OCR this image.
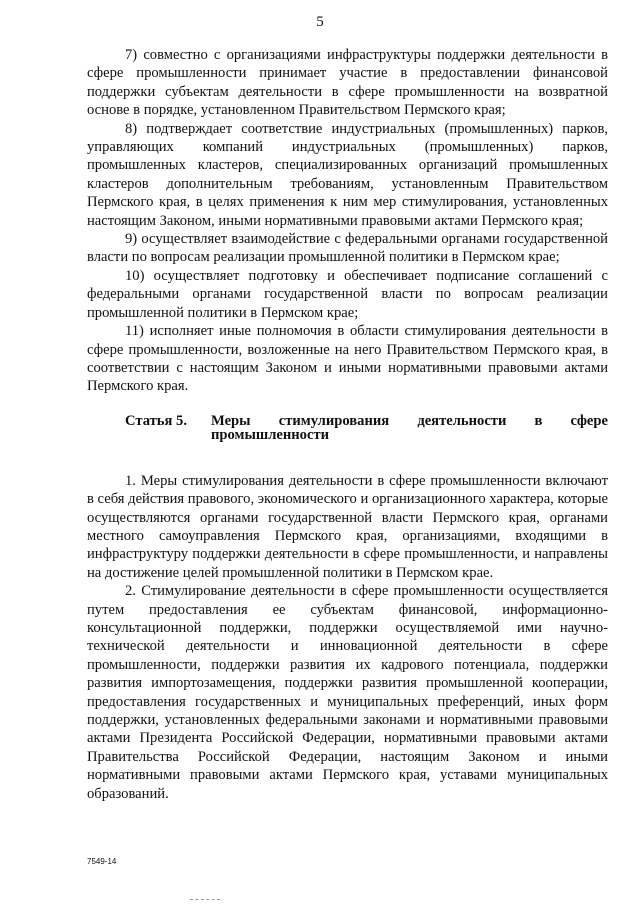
5

7) совместно с организациями инфраструктуры поддержки деятельности в сфере промышленности принимает участие в предоставлении финансовой поддержки субъектам деятельности в сфере промышленности на возвратной основе в порядке, установленном Правительством Пермского края;

8) подтверждает соответствие индустриальных (промышленных) парков, управляющих компаний индустриальных (промышленных) парков, промышленных кластеров, специализированных организаций промышленных кластеров дополнительным требованиям, установленным Правительством Пермского края, в целях применения к ним мер стимулирования, установленных настоящим Законом, иными нормативными правовыми актами Пермского края;

9) осуществляет взаимодействие с федеральными органами государственной власти по вопросам реализации промышленной политики в Пермском крае;

10) осуществляет подготовку и обеспечивает подписание соглашений с федеральными органами государственной власти по вопросам реализации промышленной политики в Пермском крае;

11) исполняет иные полномочия в области стимулирования деятельности в сфере промышленности, возложенные на него Правительством Пермского края, в соответствии с настоящим Законом и иными нормативными правовыми актами Пермского края.

Статья 5.	Меры стимулирования деятельности в сфере промышленности

1. Меры стимулирования деятельности в сфере промышленности включают в себя действия правового, экономического и организационного характера, которые осуществляются органами государственной власти Пермского края, органами местного самоуправления Пермского края, организациями, входящими в инфраструктуру поддержки деятельности в сфере промышленности, и направлены на достижение целей промышленной политики в Пермском крае.

2. Стимулирование деятельности в сфере промышленности осуществляется путем предоставления ее субъектам финансовой, информационно-консультационной поддержки, поддержки осуществляемой ими научно-технической деятельности и инновационной деятельности в сфере промышленности, поддержки развития их кадрового потенциала, поддержки развития импортозамещения, поддержки развития промышленной кооперации, предоставления государственных и муниципальных преференций, иных форм поддержки, установленных федеральными законами и нормативными правовыми актами Президента Российской Федерации, нормативными правовыми актами Правительства Российской Федерации, настоящим Законом и иными нормативными правовыми актами Пермского края, уставами муниципальных образований.

7549-14
